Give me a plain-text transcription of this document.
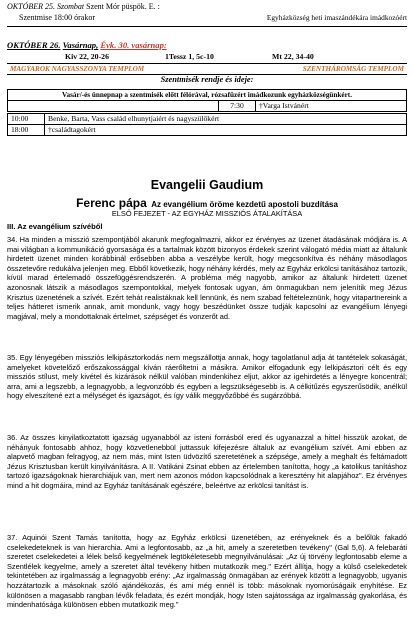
OKTÓBER 25. Szombat Szent Mór püspök. E. :
Szentmise 18:00 órakor	Egyházközség heti imaszándékára imádkozóért
OKTÓBER 26. Vasárnap, Évk. 30. vasárnap:
Kiv 22, 20-26	1Tessz 1, 5c-10	Mt 22, 34-40
MAGYAROK NAGYASSZONYA TEMPLOM	SZENTHÁROMSÁG TEMPLOM
Szentmisék rendje és ideje:
Vasár/-és ünnepnap a szentmisék előtt félórával, rózsafüzért imádkozunk egyházközségünkért.
	7:30	†Varga Istvánért
10:00	Benke, Barta, Vass család elhunytjaiért és nagyszülőkért
18:00	†családtagokért
Evangelii Gaudium
Ferenc pápa Az evangélium öröme kezdetű apostoli buzdítása
ELSŐ FEJEZET - AZ EGYHÁZ MISSZIÓS ÁTALAKÍTÁSA
III. Az evangélium szívéből
34. Ha minden a misszió szempontjából akarunk megfogalmazni, akkor ez érvényes az üzenet átadásának módjára is. A mai világban a kommunikáció gyorsasága és a tartalmak között bizonyos érdekek szerint válogató média miatt az általunk hirdetett üzenet minden korábbinál erősebben abba a veszélybe került, hogy megcsonkítva és néhány másodlagos összetevőre redukálva jelenjen meg. Ebből következik, hogy néhány kérdés, mely az Egyház erkölcsi tanításához tartozik, kívül marad értelemadó összefüggésrendszerén. A probléma még nagyobb, amikor az általunk hirdetett üzenet azonosnak látszik a másodlagos szempontokkal, melyek fontosak ugyan, ám önmagukban nem jelenítik meg Jézus Krisztus üzenetének a szívét. Ezért tehát realistáknak kell lennünk, és nem szabad feltételeznünk, hogy vitapartnereink a teljes hátteret ismerik annak, amit mondunk, vagy hogy beszédünket össze tudják kapcsolni az evangélium lényegi magjával, mely a mondottaknak értelmet, szépséget és vonzerőt ad.
35. Egy lényegében missziós lelkipásztorkodás nem megszállottja annak, hogy tagolatlanul adja át tantételek sokaságát, amelyeket követelőző erőszakossággal kíván ráerőltetni a másikra. Amikor elfogadunk egy lelkipásztori célt és egy missziós stílust, mely kivétel és kizárások nélkül valóban mindenkihez eljut, akkor az igehirdetés a lényegre koncentrál; arra, ami a legszebb, a legnagyobb, a legvonzóbb és egyben a legszükségesebb is. A célkitűzés egyszerűsödik, anélkül hogy elveszítené ezt a mélységet és igazságot, és így válik meggyőzőbbé és sugárzóbbá.
36. Az összes kinyilatkoztatott igazság ugyanabból az isteni forrásból ered és ugyanazzal a hittel hisszük azokat, de néhányuk fontosabb ahhoz, hogy közvetlenebbül juttassuk kifejezésre általuk az evangélium szívét. Ami ebben az alapvető magban felragyog, az nem más, mint Isten üdvözítő szeretetének a szépsége, amely a meghalt és feltámadott Jézus Krisztusban került kinyilvánításra. A II. Vatikáni Zsinat ebben az értelemben tanította, hogy „a katolikus tanításhoz tartozó igazságoknak hierarchiájuk van, mert nem azonos módon kapcsolódnak a keresztény hit alapjához". Ez érvényes mind a hit dogmáira, mind az Egyház tanításának egészére, beleértve az erkölcsi tanítást is.
37. Aquinói Szent Tamás tanította, hogy az Egyház erkölcsi üzenetében, az erényeknek és a belőlük fakadó cselekedeteknek is van hierarchia. Ami a legfontosabb, az „a hit, amely a szeretetben tevékeny" (Gal 5,6). A felebaráti szeretet cselekedetei a lélek belső kegyelmének legtökéletesebb megnyilvánulásai: „Az új törvény legfontosabb eleme a Szentlélek kegyelme, amely a szeretet által tevékeny hitben mutatkozik meg." Ezért állítja, hogy a külső cselekedetek tekintetében az irgalmasság a legnagyobb erény: „Az irgalmasság önmagában az erények között a legnagyobb, ugyanis hozzátartozik a másoknak szóló ajándékozás, és ami még ennél is több: másoknak nyomorúságaik enyhítése. Ez különösen a magasabb rangban lévők feladata, és ezért mondják, hogy Isten sajátossága az irgalmasság gyakorlása, és mindenhatósága különösen ebben mutatkozik meg."
